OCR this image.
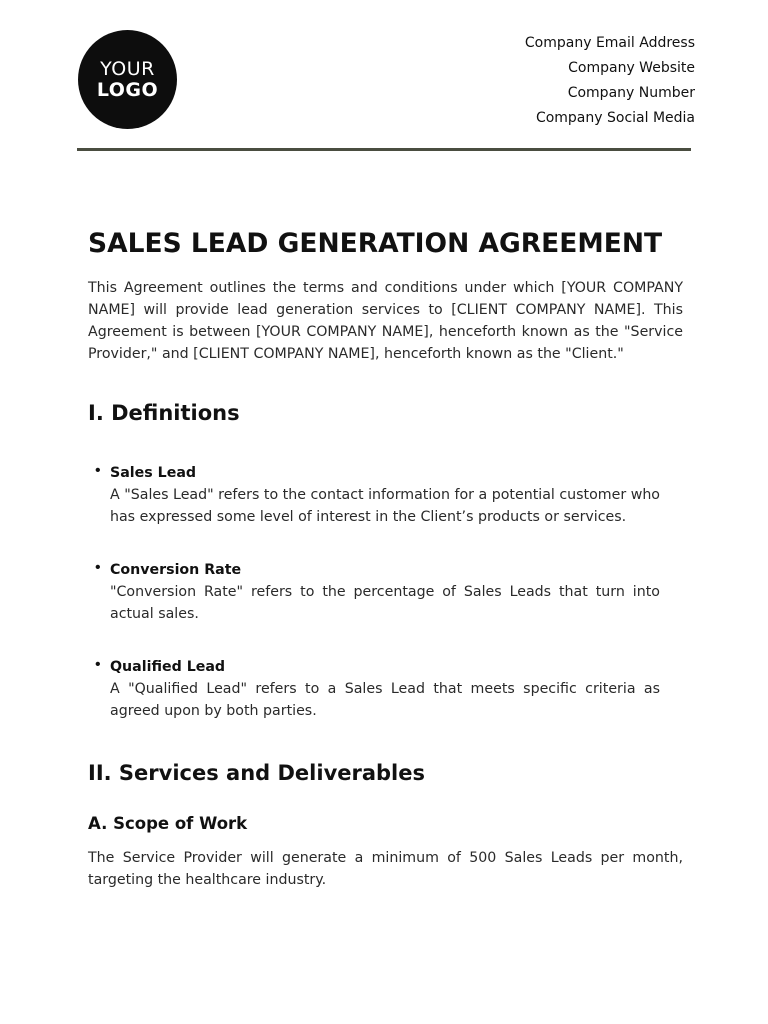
YOUR
LOGO
Company Email Address
Company Website
Company Number
Company Social Media
SALES LEAD GENERATION AGREEMENT

This Agreement outlines the terms and conditions under which [YOUR COMPANY NAME] will provide lead generation services to [CLIENT COMPANY NAME]. This Agreement is between [YOUR COMPANY NAME], henceforth known as the "Service Provider," and [CLIENT COMPANY NAME], henceforth known as the "Client."

I. Definitions
• Sales Lead
A "Sales Lead" refers to the contact information for a potential customer who has expressed some level of interest in the Client’s products or services.
• Conversion Rate
"Conversion Rate" refers to the percentage of Sales Leads that turn into actual sales.
• Qualified Lead
A "Qualified Lead" refers to a Sales Lead that meets specific criteria as agreed upon by both parties.
II. Services and Deliverables
A. Scope of Work

The Service Provider will generate a minimum of 500 Sales Leads per month, targeting the healthcare industry.
